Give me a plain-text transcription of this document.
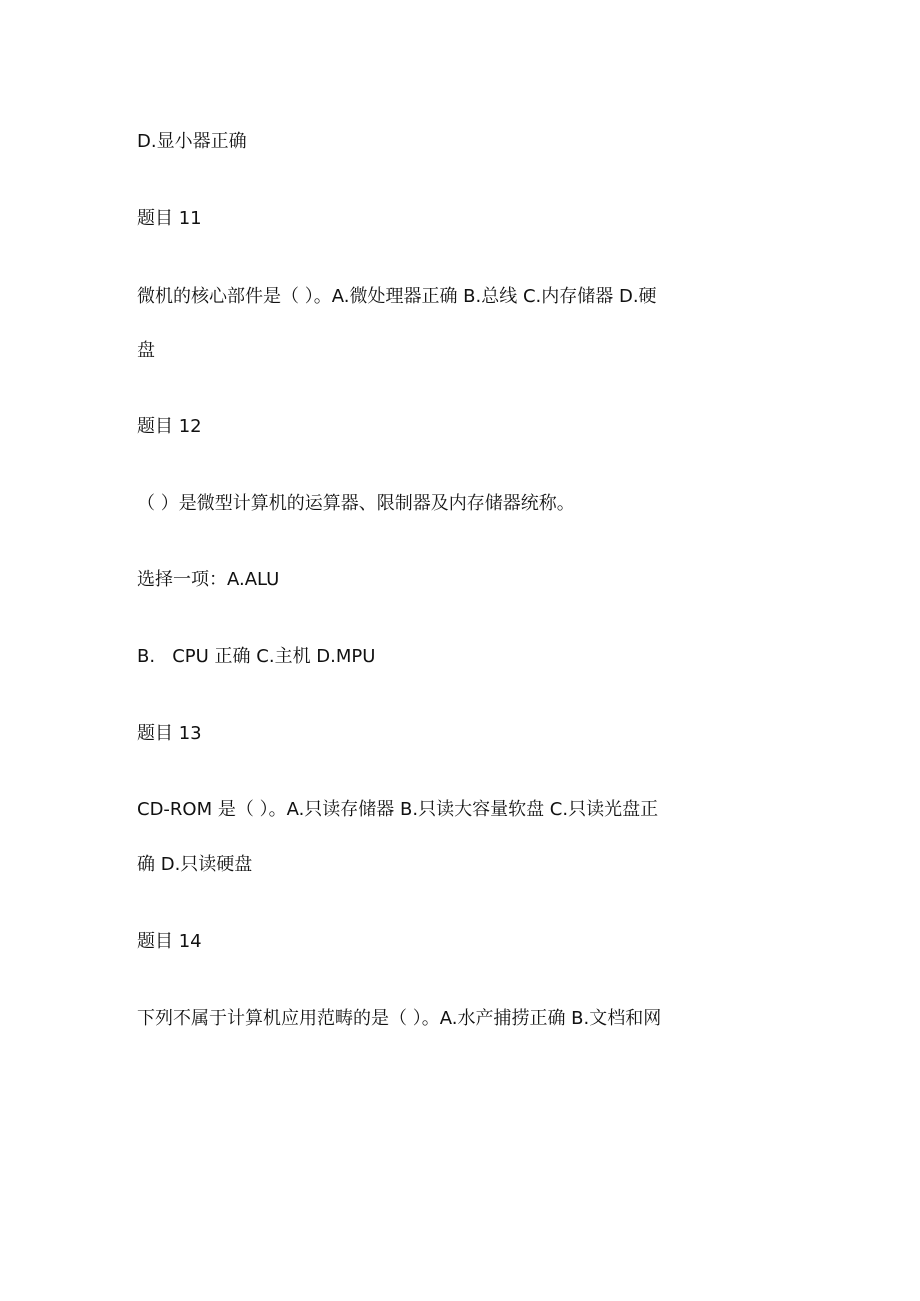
D.显小器正确
题目 11
微机的核心部件是（ ）。A.微处理器正确 B.总线 C.内存储器 D.硬
盘
题目 12
（ ）是微型计算机的运算器、限制器及内存储器统称。
选择一项：A.ALU
B.   CPU 正确 C.主机 D.MPU
题目 13
CD-ROM 是（ ）。A.只读存储器 B.只读大容量软盘 C.只读光盘正
确 D.只读硬盘
题目 14
下列不属于计算机应用范畴的是（ ）。A.水产捕捞正确 B.文档和网
